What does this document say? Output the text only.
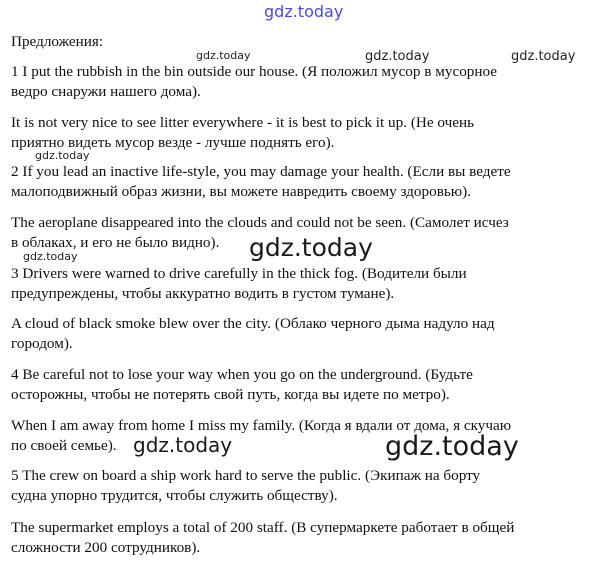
gdz.today
gdz.today	gdz.today	gdz.today
gdz.today
gdz.today
gdz.today
gdz.today	gdz.today
Предложения:
1 I put the rubbish in the bin outside our house. (Я положил мусор в мусорное
ведро снаружи нашего дома).
It is not very nice to see litter everywhere - it is best to pick it up. (Не очень
приятно видеть мусор везде - лучше поднять его).
2 If you lead an inactive life-style, you may damage your health. (Если вы ведете
малоподвижный образ жизни, вы можете навредить своему здоровью).
The aeroplane disappeared into the clouds and could not be seen. (Самолет исчез
в облаках, и его не было видно).
3 Drivers were warned to drive carefully in the thick fog. (Водители были
предупреждены, чтобы аккуратно водить в густом тумане).
A cloud of black smoke blew over the city. (Облако черного дыма надуло над
городом).
4 Be careful not to lose your way when you go on the underground. (Будьте
осторожны, чтобы не потерять свой путь, когда вы идете по метро).
When I am away from home I miss my family. (Когда я вдали от дома, я скучаю
по своей семье).
5 The crew on board a ship work hard to serve the public. (Экипаж на борту
судна упорно трудится, чтобы служить обществу).
The supermarket employs a total of 200 staff. (В супермаркете работает в общей
сложности 200 сотрудников).
